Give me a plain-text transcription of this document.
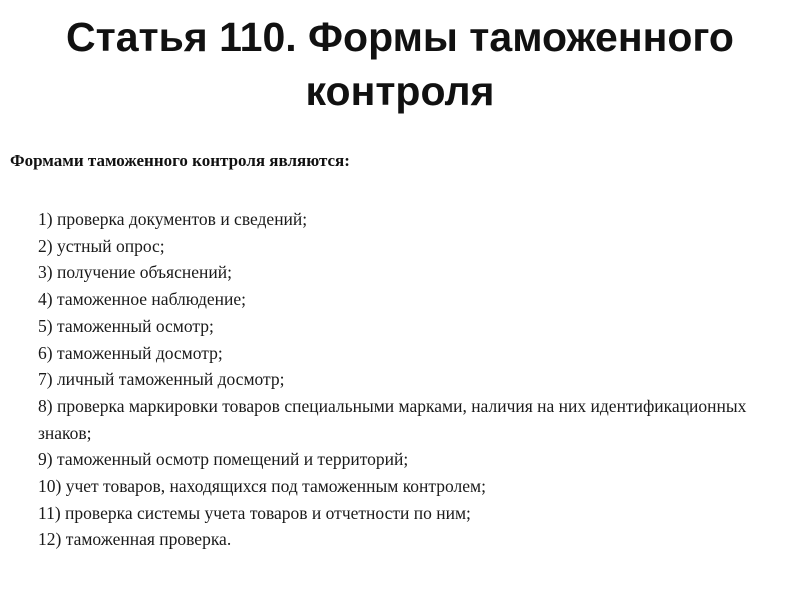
Статья 110. Формы таможенного
контроля

Формами таможенного контроля являются:

1) проверка документов и сведений;
2) устный опрос;
3) получение объяснений;
4) таможенное наблюдение;
5) таможенный осмотр;
6) таможенный досмотр;
7) личный таможенный досмотр;
8) проверка маркировки товаров специальными марками, наличия на них идентификационных знаков;
9) таможенный осмотр помещений и территорий;
10) учет товаров, находящихся под таможенным контролем;
11) проверка системы учета товаров и отчетности по ним;
12) таможенная проверка.
